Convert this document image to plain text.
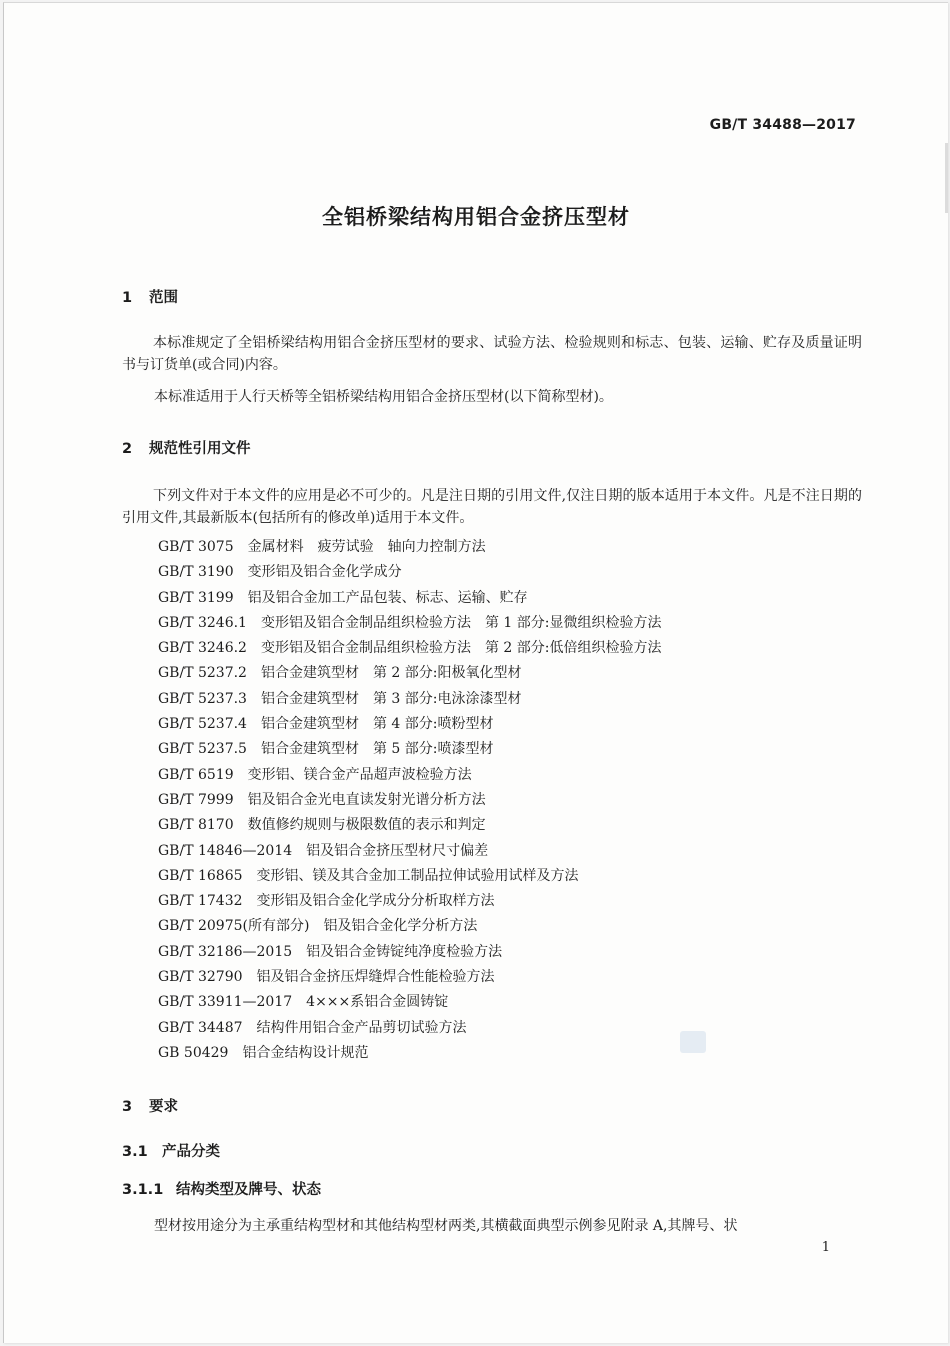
GB/T 34488—2017
全铝桥梁结构用铝合金挤压型材
1 范围

本标准规定了全铝桥梁结构用铝合金挤压型材的要求、试验方法、检验规则和标志、包装、运输、贮存及质量证明书与订货单(或合同)内容。

本标准适用于人行天桥等全铝桥梁结构用铝合金挤压型材(以下简称型材)。
2 规范性引用文件

下列文件对于本文件的应用是必不可少的。凡是注日期的引用文件,仅注日期的版本适用于本文件。凡是不注日期的引用文件,其最新版本(包括所有的修改单)适用于本文件。

GB/T 3075 金属材料　疲劳试验　轴向力控制方法
GB/T 3190 变形铝及铝合金化学成分
GB/T 3199 铝及铝合金加工产品包装、标志、运输、贮存
GB/T 3246.1 变形铝及铝合金制品组织检验方法　第 1 部分:显微组织检验方法
GB/T 3246.2 变形铝及铝合金制品组织检验方法　第 2 部分:低倍组织检验方法
GB/T 5237.2 铝合金建筑型材　第 2 部分:阳极氧化型材
GB/T 5237.3 铝合金建筑型材　第 3 部分:电泳涂漆型材
GB/T 5237.4 铝合金建筑型材　第 4 部分:喷粉型材
GB/T 5237.5 铝合金建筑型材　第 5 部分:喷漆型材
GB/T 6519 变形铝、镁合金产品超声波检验方法
GB/T 7999 铝及铝合金光电直读发射光谱分析方法
GB/T 8170 数值修约规则与极限数值的表示和判定
GB/T 14846—2014 铝及铝合金挤压型材尺寸偏差
GB/T 16865 变形铝、镁及其合金加工制品拉伸试验用试样及方法
GB/T 17432 变形铝及铝合金化学成分分析取样方法
GB/T 20975(所有部分) 铝及铝合金化学分析方法
GB/T 32186—2015 铝及铝合金铸锭纯净度检验方法
GB/T 32790 铝及铝合金挤压焊缝焊合性能检验方法
GB/T 33911—2017 4×××系铝合金圆铸锭
GB/T 34487 结构件用铝合金产品剪切试验方法
GB 50429 铝合金结构设计规范
3 要求
3.1 产品分类
3.1.1 结构类型及牌号、状态
型材按用途分为主承重结构型材和其他结构型材两类,其横截面典型示例参见附录 A,其牌号、状
1
